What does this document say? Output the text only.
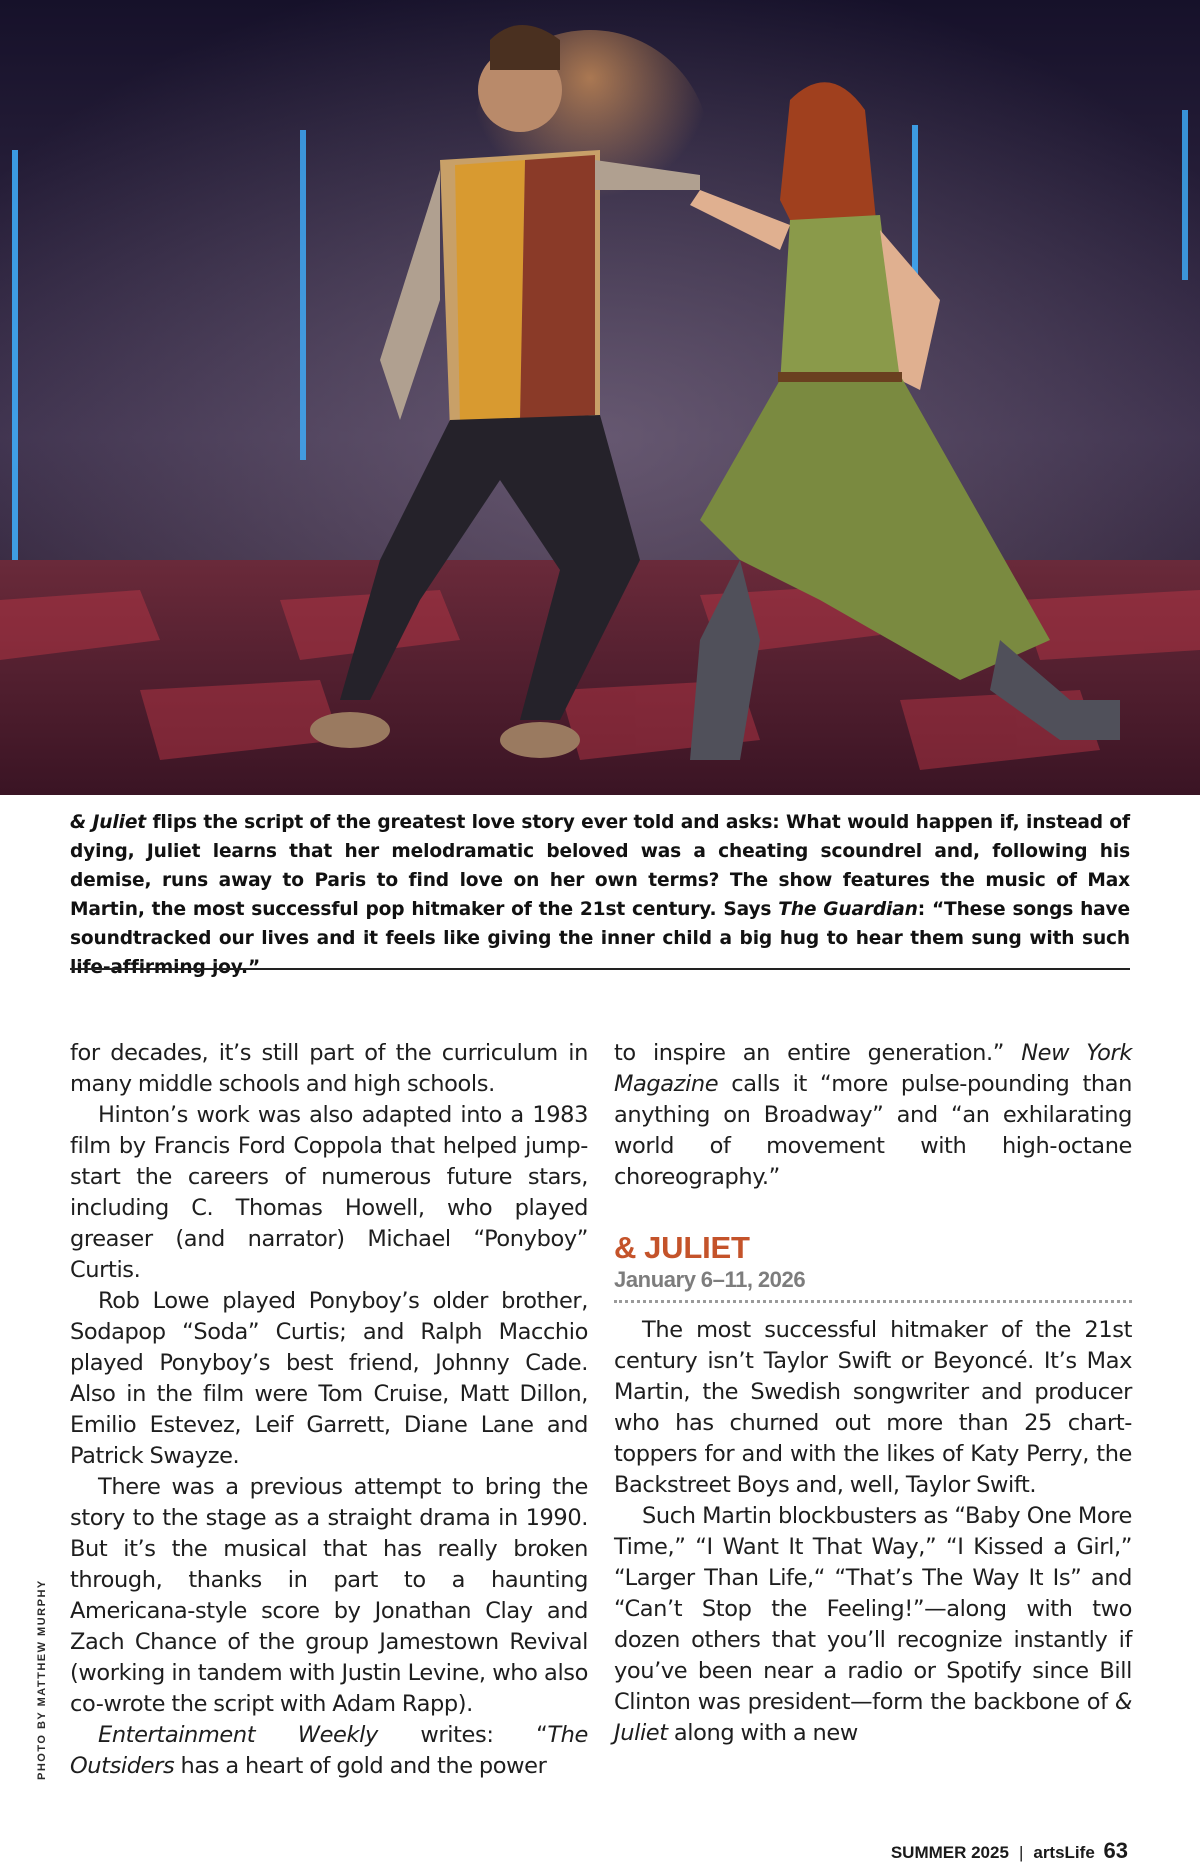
& Juliet flips the script of the greatest love story ever told and asks: What would happen if, instead of dying, Juliet learns that her melodramatic beloved was a cheating scoundrel and, following his demise, runs away to Paris to find love on her own terms? The show features the music of Max Martin, the most successful pop hitmaker of the 21st century. Says The Guardian: “These songs have soundtracked our lives and it feels like giving the inner child a big hug to hear them sung with such life-affirming joy.”

for decades, it’s still part of the curriculum in many middle schools and high schools.

Hinton’s work was also adapted into a 1983 film by Francis Ford Coppola that helped jump-start the careers of numerous future stars, including C. Thomas Howell, who played greaser (and narrator) Michael “Ponyboy” Curtis.

Rob Lowe played Ponyboy’s older brother, Sodapop “Soda” Curtis; and Ralph Macchio played Ponyboy’s best friend, Johnny Cade. Also in the film were Tom Cruise, Matt Dillon, Emilio Estevez, Leif Garrett, Diane Lane and Patrick Swayze.

There was a previous attempt to bring the story to the stage as a straight drama in 1990. But it’s the musical that has really broken through, thanks in part to a haunting Americana-style score by Jonathan Clay and Zach Chance of the group Jamestown Revival (working in tandem with Justin Levine, who also co-wrote the script with Adam Rapp).

Entertainment Weekly writes: “The Outsiders has a heart of gold and the power

to inspire an entire generation.” New York Magazine calls it “more pulse-pounding than anything on Broadway” and “an exhilarating world of movement with high-octane choreography.”

& JULIET
January 6–11, 2026

The most successful hitmaker of the 21st century isn’t Taylor Swift or Beyoncé. It’s Max Martin, the Swedish songwriter and producer who has churned out more than 25 chart-toppers for and with the likes of Katy Perry, the Backstreet Boys and, well, Taylor Swift.

Such Martin blockbusters as “Baby One More Time,” “I Want It That Way,” “I Kissed a Girl,” “Larger Than Life,“ “That’s The Way It Is” and “Can’t Stop the Feeling!”—along with two dozen others that you’ll recognize instantly if you’ve been near a radio or Spotify since Bill Clinton was president—form the backbone of & Juliet along with a new

PHOTO BY MATTHEW MURPHY
SUMMER 2025 | artsLife 63
